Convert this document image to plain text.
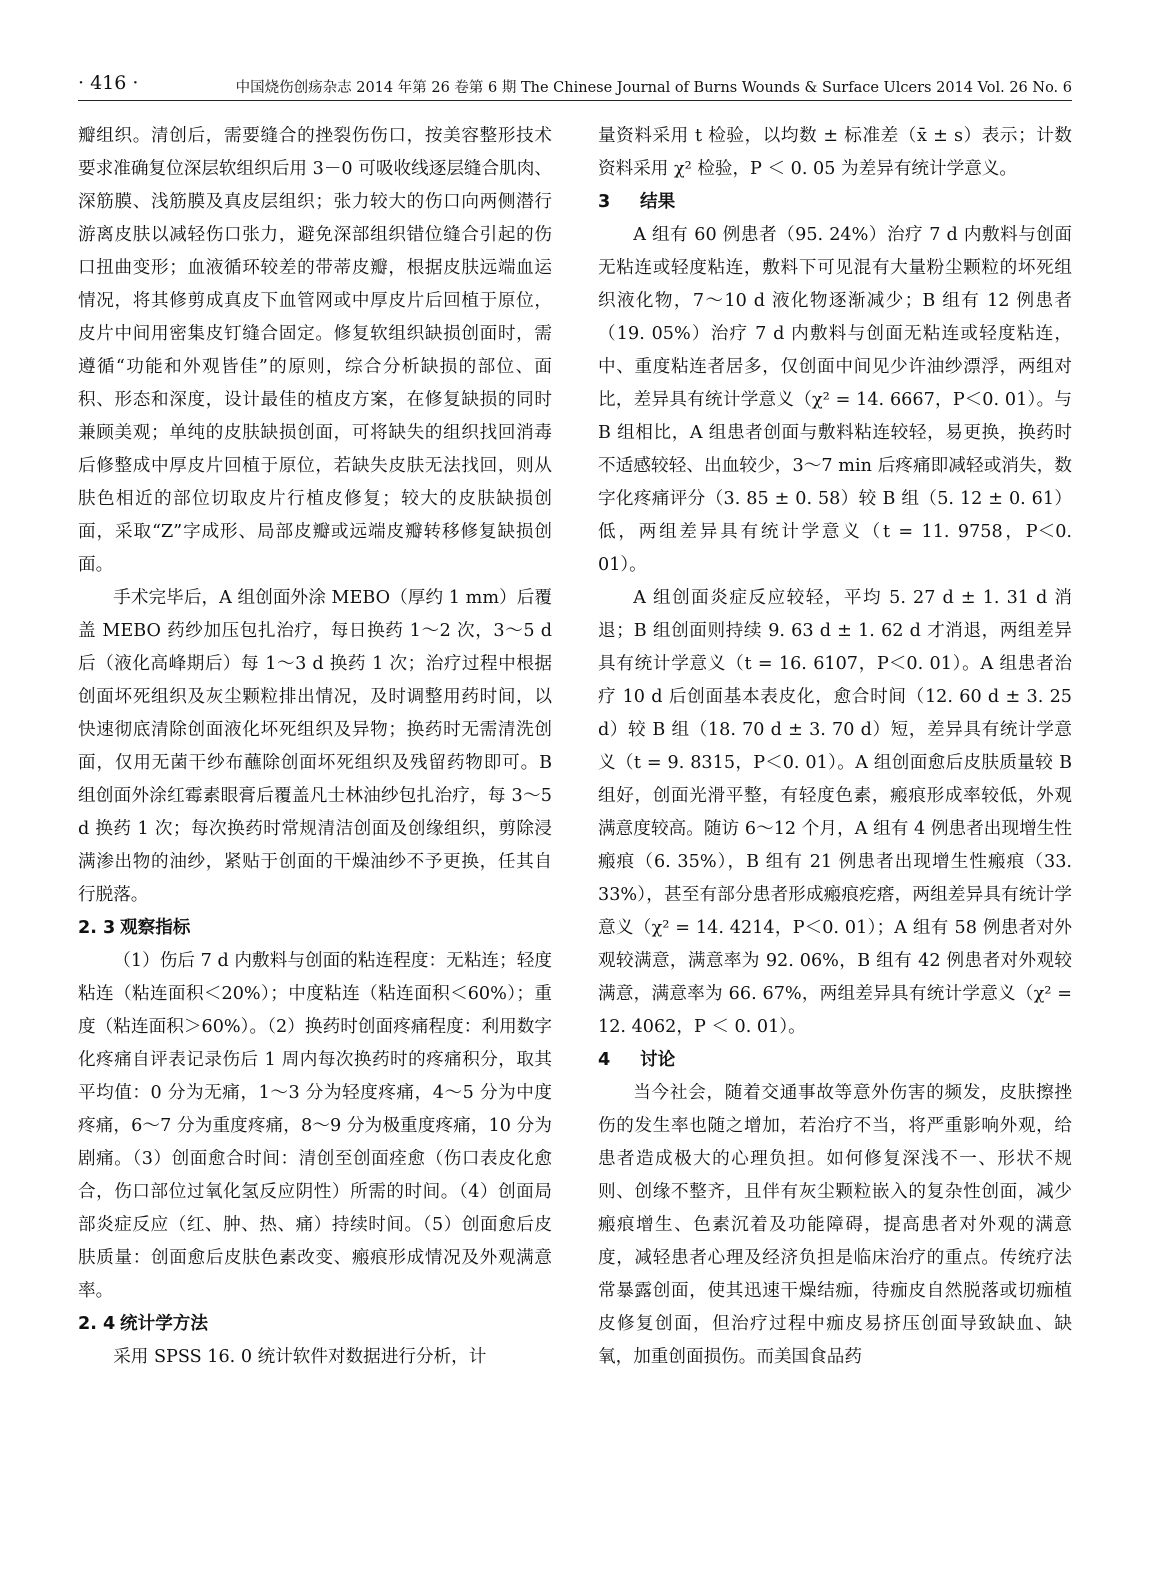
· 416 ·	中国烧伤创疡杂志 2014 年第 26 卷第 6 期 The Chinese Journal of Burns Wounds & Surface Ulcers 2014 Vol. 26 No. 6

瓣组织。清创后，需要缝合的挫裂伤伤口，按美容整形技术要求准确复位深层软组织后用 3－0 可吸收线逐层缝合肌肉、深筋膜、浅筋膜及真皮层组织；张力较大的伤口向两侧潜行游离皮肤以减轻伤口张力，避免深部组织错位缝合引起的伤口扭曲变形；血液循环较差的带蒂皮瓣，根据皮肤远端血运情况，将其修剪成真皮下血管网或中厚皮片后回植于原位，皮片中间用密集皮钉缝合固定。修复软组织缺损创面时，需遵循“功能和外观皆佳”的原则，综合分析缺损的部位、面积、形态和深度，设计最佳的植皮方案，在修复缺损的同时兼顾美观；单纯的皮肤缺损创面，可将缺失的组织找回消毒后修整成中厚皮片回植于原位，若缺失皮肤无法找回，则从肤色相近的部位切取皮片行植皮修复；较大的皮肤缺损创面，采取“Z”字成形、局部皮瓣或远端皮瓣转移修复缺损创面。

手术完毕后，A 组创面外涂 MEBO（厚约 1 mm）后覆盖 MEBO 药纱加压包扎治疗，每日换药 1～2 次，3～5 d 后（液化高峰期后）每 1～3 d 换药 1 次；治疗过程中根据创面坏死组织及灰尘颗粒排出情况，及时调整用药时间，以快速彻底清除创面液化坏死组织及异物；换药时无需清洗创面，仅用无菌干纱布蘸除创面坏死组织及残留药物即可。B 组创面外涂红霉素眼膏后覆盖凡士林油纱包扎治疗，每 3～5 d 换药 1 次；每次换药时常规清洁创面及创缘组织，剪除浸满渗出物的油纱，紧贴于创面的干燥油纱不予更换，任其自行脱落。

2. 3 观察指标

（1）伤后 7 d 内敷料与创面的粘连程度：无粘连；轻度粘连（粘连面积＜20%）；中度粘连（粘连面积＜60%）；重度（粘连面积＞60%）。（2）换药时创面疼痛程度：利用数字化疼痛自评表记录伤后 1 周内每次换药时的疼痛积分，取其平均值：0 分为无痛，1～3 分为轻度疼痛，4～5 分为中度疼痛，6～7 分为重度疼痛，8～9 分为极重度疼痛，10 分为剧痛。（3）创面愈合时间：清创至创面痊愈（伤口表皮化愈合，伤口部位过氧化氢反应阴性）所需的时间。（4）创面局部炎症反应（红、肿、热、痛）持续时间。（5）创面愈后皮肤质量：创面愈后皮肤色素改变、瘢痕形成情况及外观满意率。

2. 4 统计学方法

采用 SPSS 16. 0 统计软件对数据进行分析，计

量资料采用 t 检验，以均数 ± 标准差（x̄ ± s）表示；计数资料采用 χ² 检验，P ＜ 0. 05 为差异有统计学意义。

3 结果

A 组有 60 例患者（95. 24%）治疗 7 d 内敷料与创面无粘连或轻度粘连，敷料下可见混有大量粉尘颗粒的坏死组织液化物，7～10 d 液化物逐渐减少；B 组有 12 例患者（19. 05%）治疗 7 d 内敷料与创面无粘连或轻度粘连，中、重度粘连者居多，仅创面中间见少许油纱漂浮，两组对比，差异具有统计学意义（χ² = 14. 6667，P＜0. 01）。与 B 组相比，A 组患者创面与敷料粘连较轻，易更换，换药时不适感较轻、出血较少，3～7 min 后疼痛即减轻或消失，数字化疼痛评分（3. 85 ± 0. 58）较 B 组（5. 12 ± 0. 61）低，两组差异具有统计学意义（t = 11. 9758，P＜0. 01）。

A 组创面炎症反应较轻，平均 5. 27 d ± 1. 31 d 消退；B 组创面则持续 9. 63 d ± 1. 62 d 才消退，两组差异具有统计学意义（t = 16. 6107，P＜0. 01）。A 组患者治疗 10 d 后创面基本表皮化，愈合时间（12. 60 d ± 3. 25 d）较 B 组（18. 70 d ± 3. 70 d）短，差异具有统计学意义（t = 9. 8315，P＜0. 01）。A 组创面愈后皮肤质量较 B 组好，创面光滑平整，有轻度色素，瘢痕形成率较低，外观满意度较高。随访 6～12 个月，A 组有 4 例患者出现增生性瘢痕（6. 35%），B 组有 21 例患者出现增生性瘢痕（33. 33%），甚至有部分患者形成瘢痕疙瘩，两组差异具有统计学意义（χ² = 14. 4214，P＜0. 01）；A 组有 58 例患者对外观较满意，满意率为 92. 06%，B 组有 42 例患者对外观较满意，满意率为 66. 67%，两组差异具有统计学意义（χ² = 12. 4062，P ＜ 0. 01）。

4 讨论

当今社会，随着交通事故等意外伤害的频发，皮肤擦挫伤的发生率也随之增加，若治疗不当，将严重影响外观，给患者造成极大的心理负担。如何修复深浅不一、形状不规则、创缘不整齐，且伴有灰尘颗粒嵌入的复杂性创面，减少瘢痕增生、色素沉着及功能障碍，提高患者对外观的满意度，减轻患者心理及经济负担是临床治疗的重点。传统疗法常暴露创面，使其迅速干燥结痂，待痂皮自然脱落或切痂植皮修复创面，但治疗过程中痂皮易挤压创面导致缺血、缺氧，加重创面损伤。而美国食品药
